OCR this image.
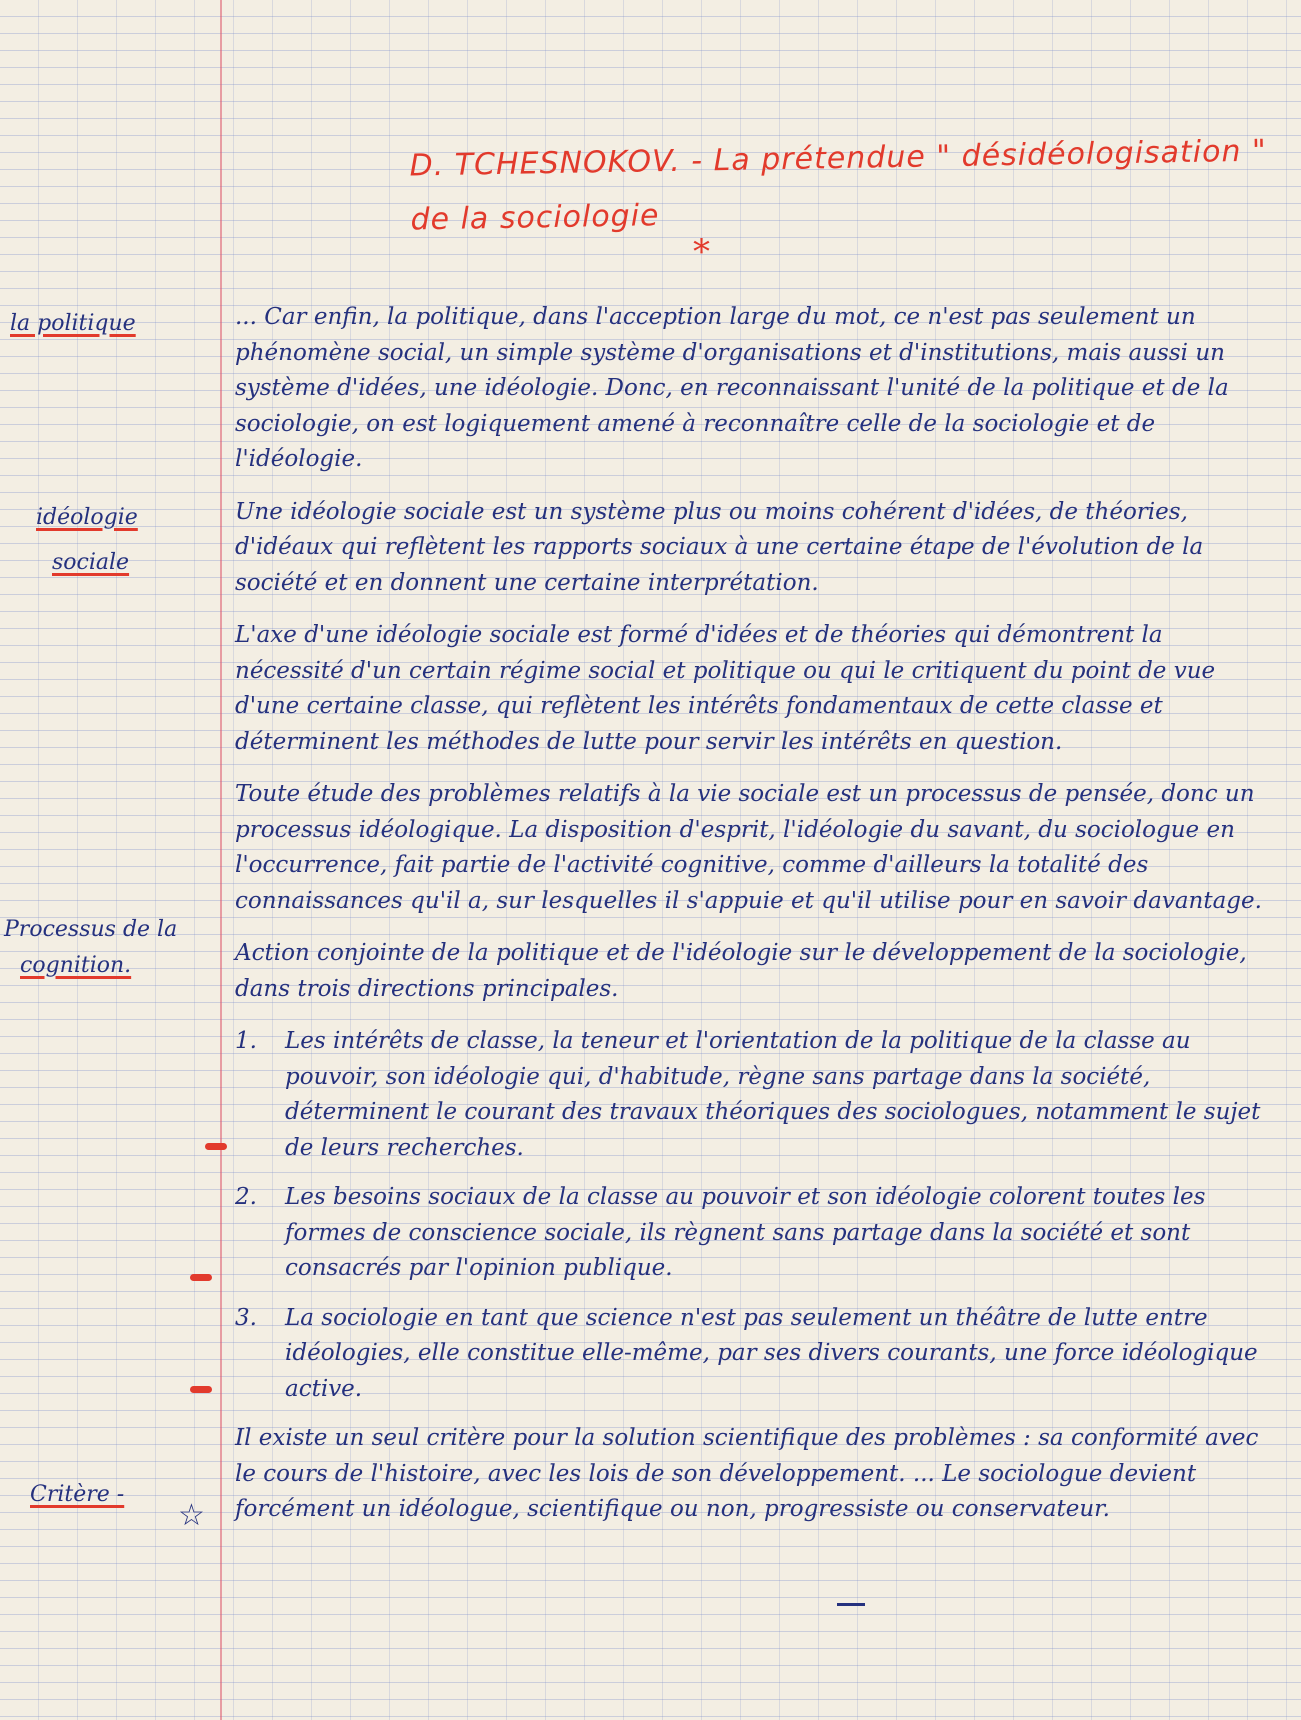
D. TCHESNOKOV. - La prétendue " désidéologisation "
de la sociologie
*
la politique
idéologie
sociale
Processus de la
cognition.
Critère -
☆

... Car enfin, la politique, dans l'acception large du mot, ce n'est pas seulement un phénomène social, un simple système d'organisations et d'institutions, mais aussi un système d'idées, une idéologie. Donc, en reconnaissant l'unité de la politique et de la sociologie, on est logiquement amené à reconnaître celle de la sociologie et de l'idéologie.

Une idéologie sociale est un système plus ou moins cohérent d'idées, de théories, d'idéaux qui reflètent les rapports sociaux à une certaine étape de l'évolution de la société et en donnent une certaine interprétation.

L'axe d'une idéologie sociale est formé d'idées et de théories qui démontrent la nécessité d'un certain régime social et politique ou qui le critiquent du point de vue d'une certaine classe, qui reflètent les intérêts fondamentaux de cette classe et déterminent les méthodes de lutte pour servir les intérêts en question.

Toute étude des problèmes relatifs à la vie sociale est un processus de pensée, donc un processus idéologique. La disposition d'esprit, l'idéologie du savant, du sociologue en l'occurrence, fait partie de l'activité cognitive, comme d'ailleurs la totalité des connaissances qu'il a, sur lesquelles il s'appuie et qu'il utilise pour en savoir davantage.

Action conjointe de la politique et de l'idéologie sur le développement de la sociologie, dans trois directions principales.

1.	Les intérêts de classe, la teneur et l'orientation de la politique de la classe au pouvoir, son idéologie qui, d'habitude, règne sans partage dans la société, déterminent le courant des travaux théoriques des sociologues, notamment le sujet de leurs recherches.
2.	Les besoins sociaux de la classe au pouvoir et son idéologie colorent toutes les formes de conscience sociale, ils règnent sans partage dans la société et sont consacrés par l'opinion publique.
3.	La sociologie en tant que science n'est pas seulement un théâtre de lutte entre idéologies, elle constitue elle-même, par ses divers courants, une force idéologique active.

Il existe un seul critère pour la solution scientifique des problèmes : sa conformité avec le cours de l'histoire, avec les lois de son développement. ... Le sociologue devient forcément un idéologue, scientifique ou non, progressiste ou conservateur.
